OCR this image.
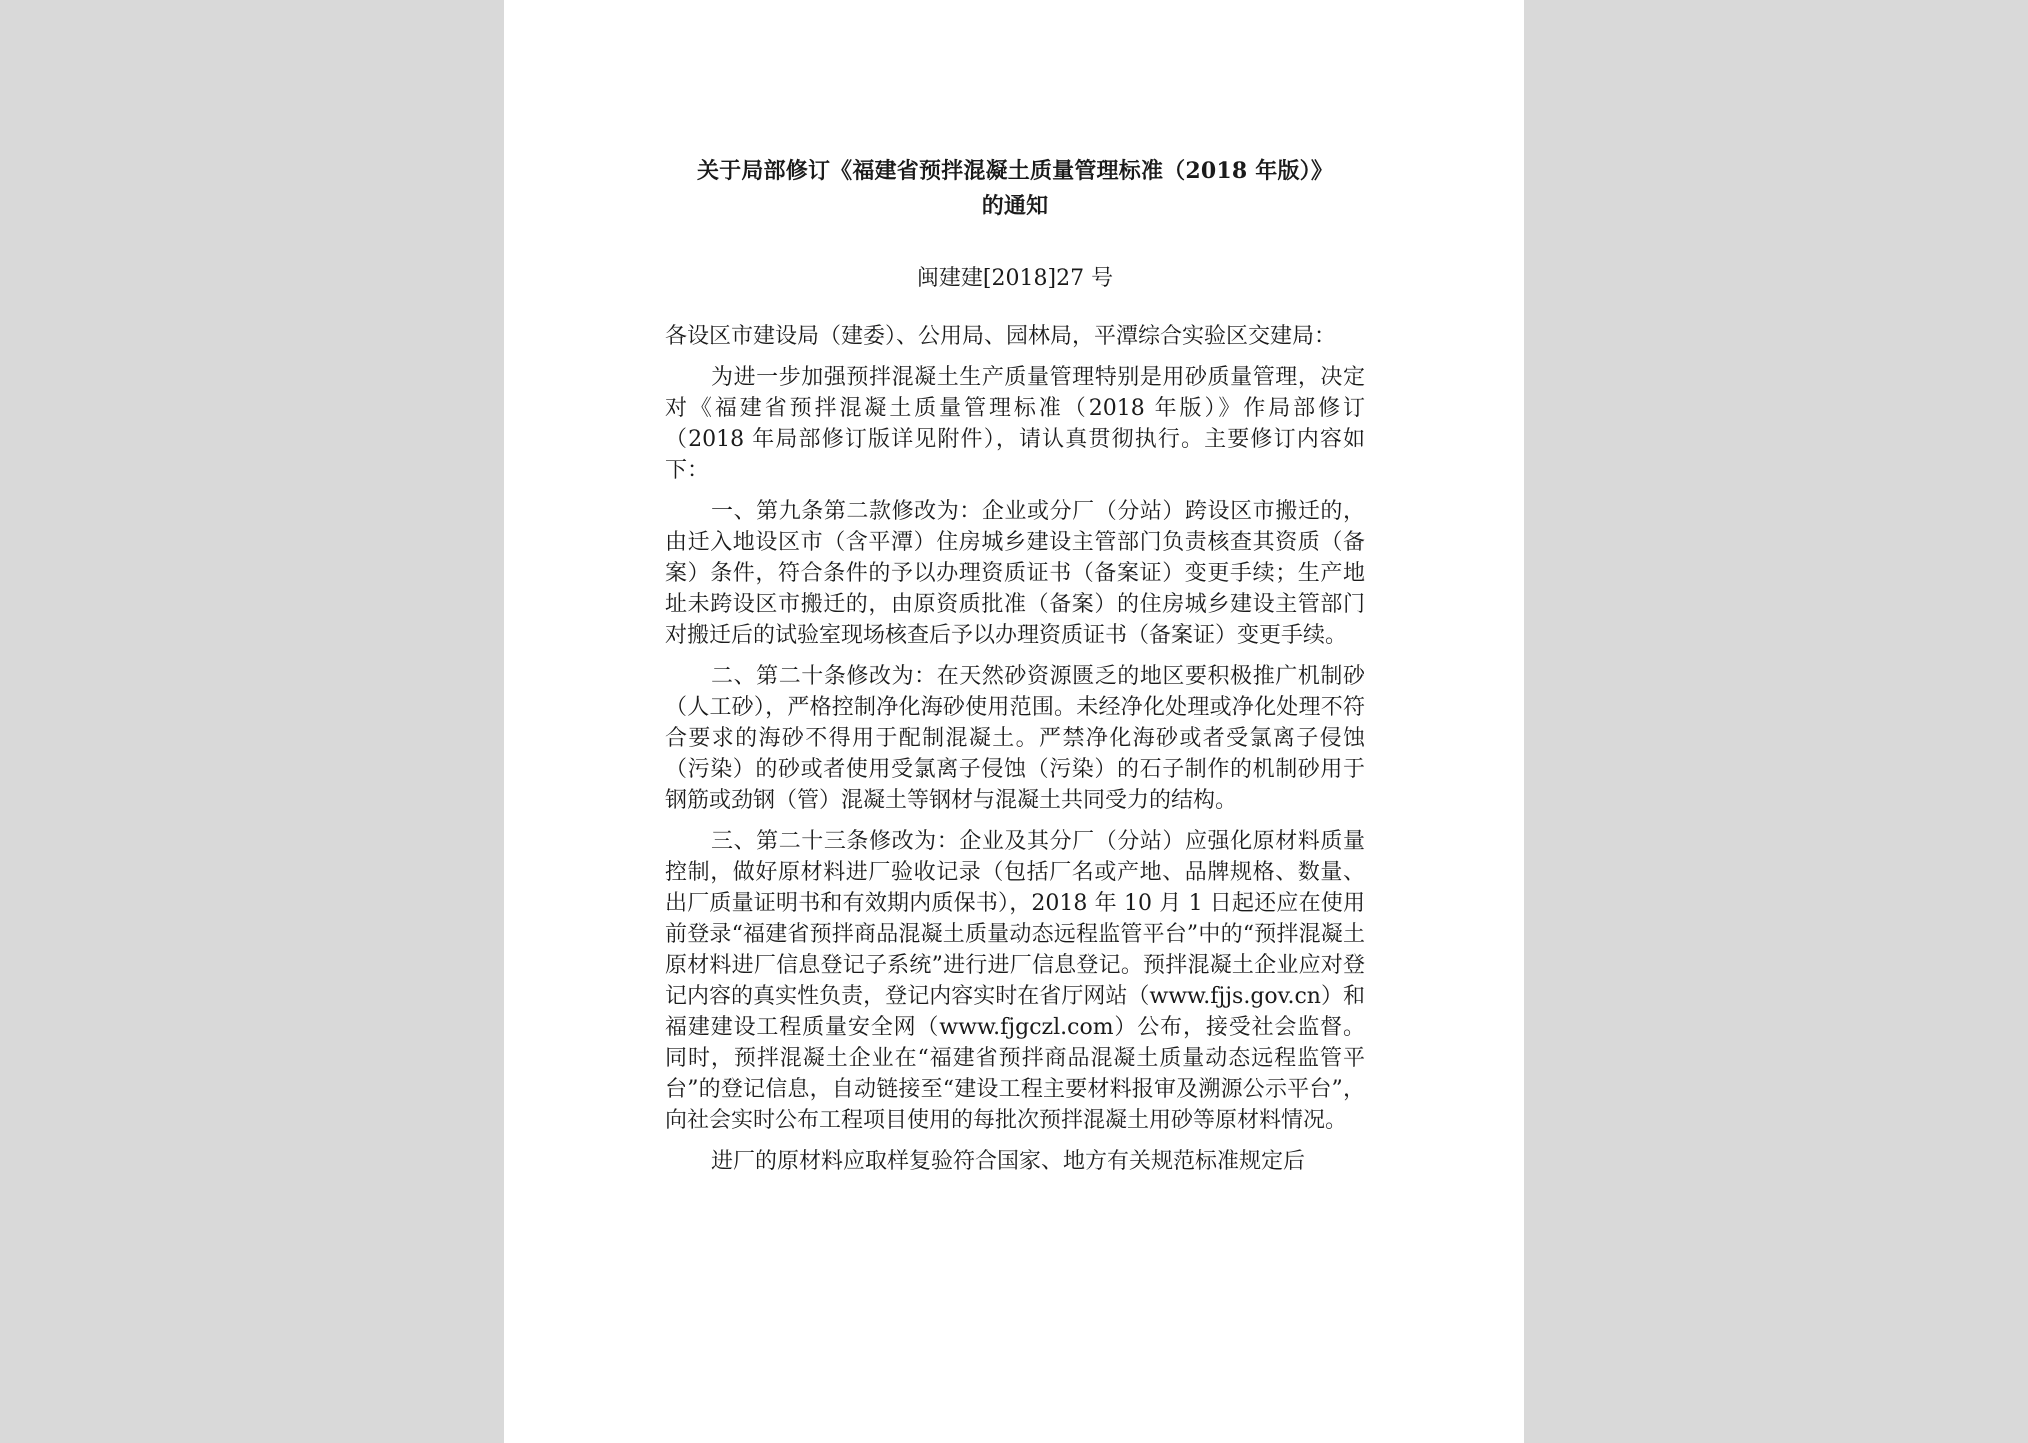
关于局部修订《福建省预拌混凝土质量管理标准（2018 年版）》
的通知
闽建建[2018]27 号

各设区市建设局（建委）、公用局、园林局，平潭综合实验区交建局：

为进一步加强预拌混凝土生产质量管理特别是用砂质量管理，决定对《福建省预拌混凝土质量管理标准（2018 年版）》作局部修订（2018 年局部修订版详见附件），请认真贯彻执行。主要修订内容如下：

一、第九条第二款修改为：企业或分厂（分站）跨设区市搬迁的，由迁入地设区市（含平潭）住房城乡建设主管部门负责核查其资质（备案）条件，符合条件的予以办理资质证书（备案证）变更手续；生产地址未跨设区市搬迁的，由原资质批准（备案）的住房城乡建设主管部门对搬迁后的试验室现场核查后予以办理资质证书（备案证）变更手续。

二、第二十条修改为：在天然砂资源匮乏的地区要积极推广机制砂（人工砂），严格控制净化海砂使用范围。未经净化处理或净化处理不符合要求的海砂不得用于配制混凝土。严禁净化海砂或者受氯离子侵蚀（污染）的砂或者使用受氯离子侵蚀（污染）的石子制作的机制砂用于钢筋或劲钢（管）混凝土等钢材与混凝土共同受力的结构。

三、第二十三条修改为：企业及其分厂（分站）应强化原材料质量控制，做好原材料进厂验收记录（包括厂名或产地、品牌规格、数量、出厂质量证明书和有效期内质保书），2018 年 10 月 1 日起还应在使用前登录“福建省预拌商品混凝土质量动态远程监管平台”中的“预拌混凝土原材料进厂信息登记子系统”进行进厂信息登记。预拌混凝土企业应对登记内容的真实性负责，登记内容实时在省厅网站（www.fjjs.gov.cn）和福建建设工程质量安全网（www.fjgczl.com）公布，接受社会监督。同时，预拌混凝土企业在“福建省预拌商品混凝土质量动态远程监管平台”的登记信息，自动链接至“建设工程主要材料报审及溯源公示平台”，向社会实时公布工程项目使用的每批次预拌混凝土用砂等原材料情况。

进厂的原材料应取样复验符合国家、地方有关规范标准规定后
